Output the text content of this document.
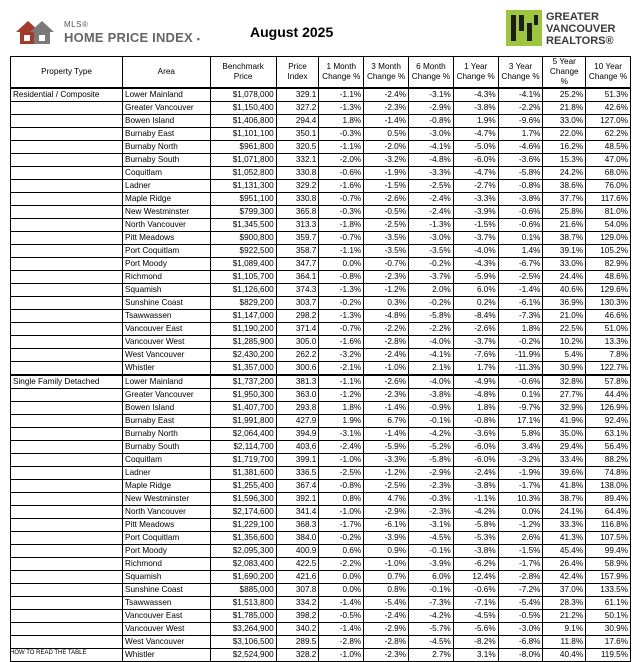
MLS®
HOME PRICE INDEX •	August 2025
GREATER
VANCOUVER
REALTORS®
Property Type	Area	Benchmark Price	Price Index	1 Month Change %	3 Month Change %	6 Month Change %	1 Year Change %	3 Year Change %	5 Year Change %	10 Year Change %
Residential / Composite	Lower Mainland	$1,078,000	329.1	-1.1%	-2.4%	-3.1%	-4.3%	-4.1%	25.2%	51.3%
	Greater Vancouver	$1,150,400	327.2	-1.3%	-2.3%	-2.9%	-3.8%	-2.2%	21.8%	42.6%
	Bowen Island	$1,406,800	294.4	1.8%	-1.4%	-0.8%	1.9%	-9.6%	33.0%	127.0%
	Burnaby East	$1,101,100	350.1	-0.3%	0.5%	-3.0%	-4.7%	1.7%	22.0%	62.2%
	Burnaby North	$961,800	320.5	-1.1%	-2.0%	-4.1%	-5.0%	-4.6%	16.2%	48.5%
	Burnaby South	$1,071,800	332.1	-2.0%	-3.2%	-4.8%	-6.0%	-3.6%	15.3%	47.0%
	Coquitlam	$1,052,800	330.8	-0.6%	-1.9%	-3.3%	-4.7%	-5.8%	24.2%	68.0%
	Ladner	$1,131,300	329.2	-1.6%	-1.5%	-2.5%	-2.7%	-0.8%	38.6%	76.0%
	Maple Ridge	$951,100	330.8	-0.7%	-2.6%	-2.4%	-3.3%	-3.8%	37.7%	117.6%
	New Westminster	$799,300	365.8	-0.3%	-0.5%	-2.4%	-3.9%	-0.6%	25.8%	81.0%
	North Vancouver	$1,345,500	313.3	-1.8%	-2.5%	-1.3%	-1.5%	-0.6%	21.6%	54.0%
	Pitt Meadows	$900,800	359.7	-0.7%	-3.5%	-3.0%	-3.7%	0.1%	38.7%	129.0%
	Port Coquitlam	$922,500	358.7	-1.1%	-3.5%	-3.5%	-4.0%	1.4%	39.1%	105.2%
	Port Moody	$1,089,400	347.7	0.0%	-0.7%	-0.2%	-4.3%	-6.7%	33.0%	82.9%
	Richmond	$1,105,700	364.1	-0.8%	-2.3%	-3.7%	-5.9%	-2.5%	24.4%	48.6%
	Squamish	$1,126,600	374.3	-1.3%	-1.2%	2.0%	6.0%	-1.4%	40.6%	129.6%
	Sunshine Coast	$829,200	303.7	-0.2%	0.3%	-0.2%	0.2%	-6.1%	36.9%	130.3%
	Tsawwassen	$1,147,000	298.2	-1.3%	-4.8%	-5.8%	-8.4%	-7.3%	21.0%	46.6%
	Vancouver East	$1,190,200	371.4	-0.7%	-2.2%	-2.2%	-2.6%	1.8%	22.5%	51.0%
	Vancouver West	$1,285,900	305.0	-1.6%	-2.8%	-4.0%	-3.7%	-0.2%	10.2%	13.3%
	West Vancouver	$2,430,200	262.2	-3.2%	-2.4%	-4.1%	-7.6%	-11.9%	5.4%	7.8%
	Whistler	$1,357,000	300.6	-2.1%	-1.0%	2.1%	1.7%	-11.3%	30.9%	122.7%
Single Family Detached	Lower Mainland	$1,737,200	381.3	-1.1%	-2.6%	-4.0%	-4.9%	-0.6%	32.8%	57.8%
	Greater Vancouver	$1,950,300	363.0	-1.2%	-2.3%	-3.8%	-4.8%	0.1%	27.7%	44.4%
	Bowen Island	$1,407,700	293.8	1.8%	-1.4%	-0.9%	1.8%	-9.7%	32.9%	126.9%
	Burnaby East	$1,991,800	427.9	1.9%	6.7%	-0.1%	-0.8%	17.1%	41.9%	92.4%
	Burnaby North	$2,064,400	394.9	-3.1%	-1.4%	-4.2%	-3.6%	5.8%	35.0%	63.1%
	Burnaby South	$2,114,700	403.6	-2.4%	-5.9%	-5.2%	-6.0%	3.4%	29.4%	56.4%
	Coquitlam	$1,719,700	399.1	-1.0%	-3.3%	-5.8%	-6.0%	-3.2%	33.4%	88.2%
	Ladner	$1,381,600	336.5	-2.5%	-1.2%	-2.9%	-2.4%	-1.9%	39.6%	74.8%
	Maple Ridge	$1,255,400	367.4	-0.8%	-2.5%	-2.3%	-3.8%	-1.7%	41.8%	138.0%
	New Westminster	$1,596,300	392.1	0.8%	4.7%	-0.3%	-1.1%	10.3%	38.7%	89.4%
	North Vancouver	$2,174,600	341.4	-1.0%	-2.9%	-2.3%	-4.2%	0.0%	24.1%	64.4%
	Pitt Meadows	$1,229,100	368.3	-1.7%	-6.1%	-3.1%	-5.8%	-1.2%	33.3%	116.8%
	Port Coquitlam	$1,356,600	384.0	-0.2%	-3.9%	-4.5%	-5.3%	2.6%	41.3%	107.5%
	Port Moody	$2,095,300	400.9	0.6%	0.9%	-0.1%	-3.8%	-1.5%	45.4%	99.4%
	Richmond	$2,083,400	422.5	-2.2%	-1.0%	-3.9%	-6.2%	-1.7%	26.4%	58.9%
	Squamish	$1,690,200	421.6	0.0%	0.7%	6.0%	12.4%	-2.8%	42.4%	157.9%
	Sunshine Coast	$885,000	307.8	0.0%	0.8%	-0.1%	-0.6%	-7.2%	37.0%	133.5%
	Tsawwassen	$1,513,800	334.2	-1.4%	-5.4%	-7.3%	-7.1%	-5.4%	28.3%	61.1%
	Vancouver East	$1,785,000	398.2	-0.5%	-2.4%	-4.2%	-4.5%	-0.5%	21.2%	50.1%
	Vancouver West	$3,264,900	340.2	-1.4%	-2.9%	-5.7%	-5.6%	-3.0%	9.1%	30.9%
	West Vancouver	$3,106,500	289.5	-2.8%	-2.8%	-4.5%	-8.2%	-6.8%	11.8%	17.6%
	Whistler	$2,524,900	328.2	-1.0%	-2.3%	2.7%	3.1%	-8.0%	40.4%	119.5%
HOW TO READ THE TABLE
